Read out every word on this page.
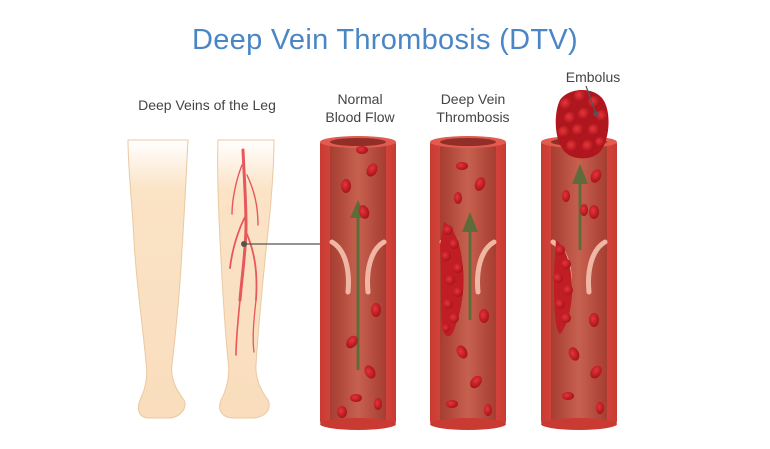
Deep Vein Thrombosis (DTV)
Deep Veins of the Leg	Normal
Blood Flow
Deep Vein
Thrombosis
Embolus
